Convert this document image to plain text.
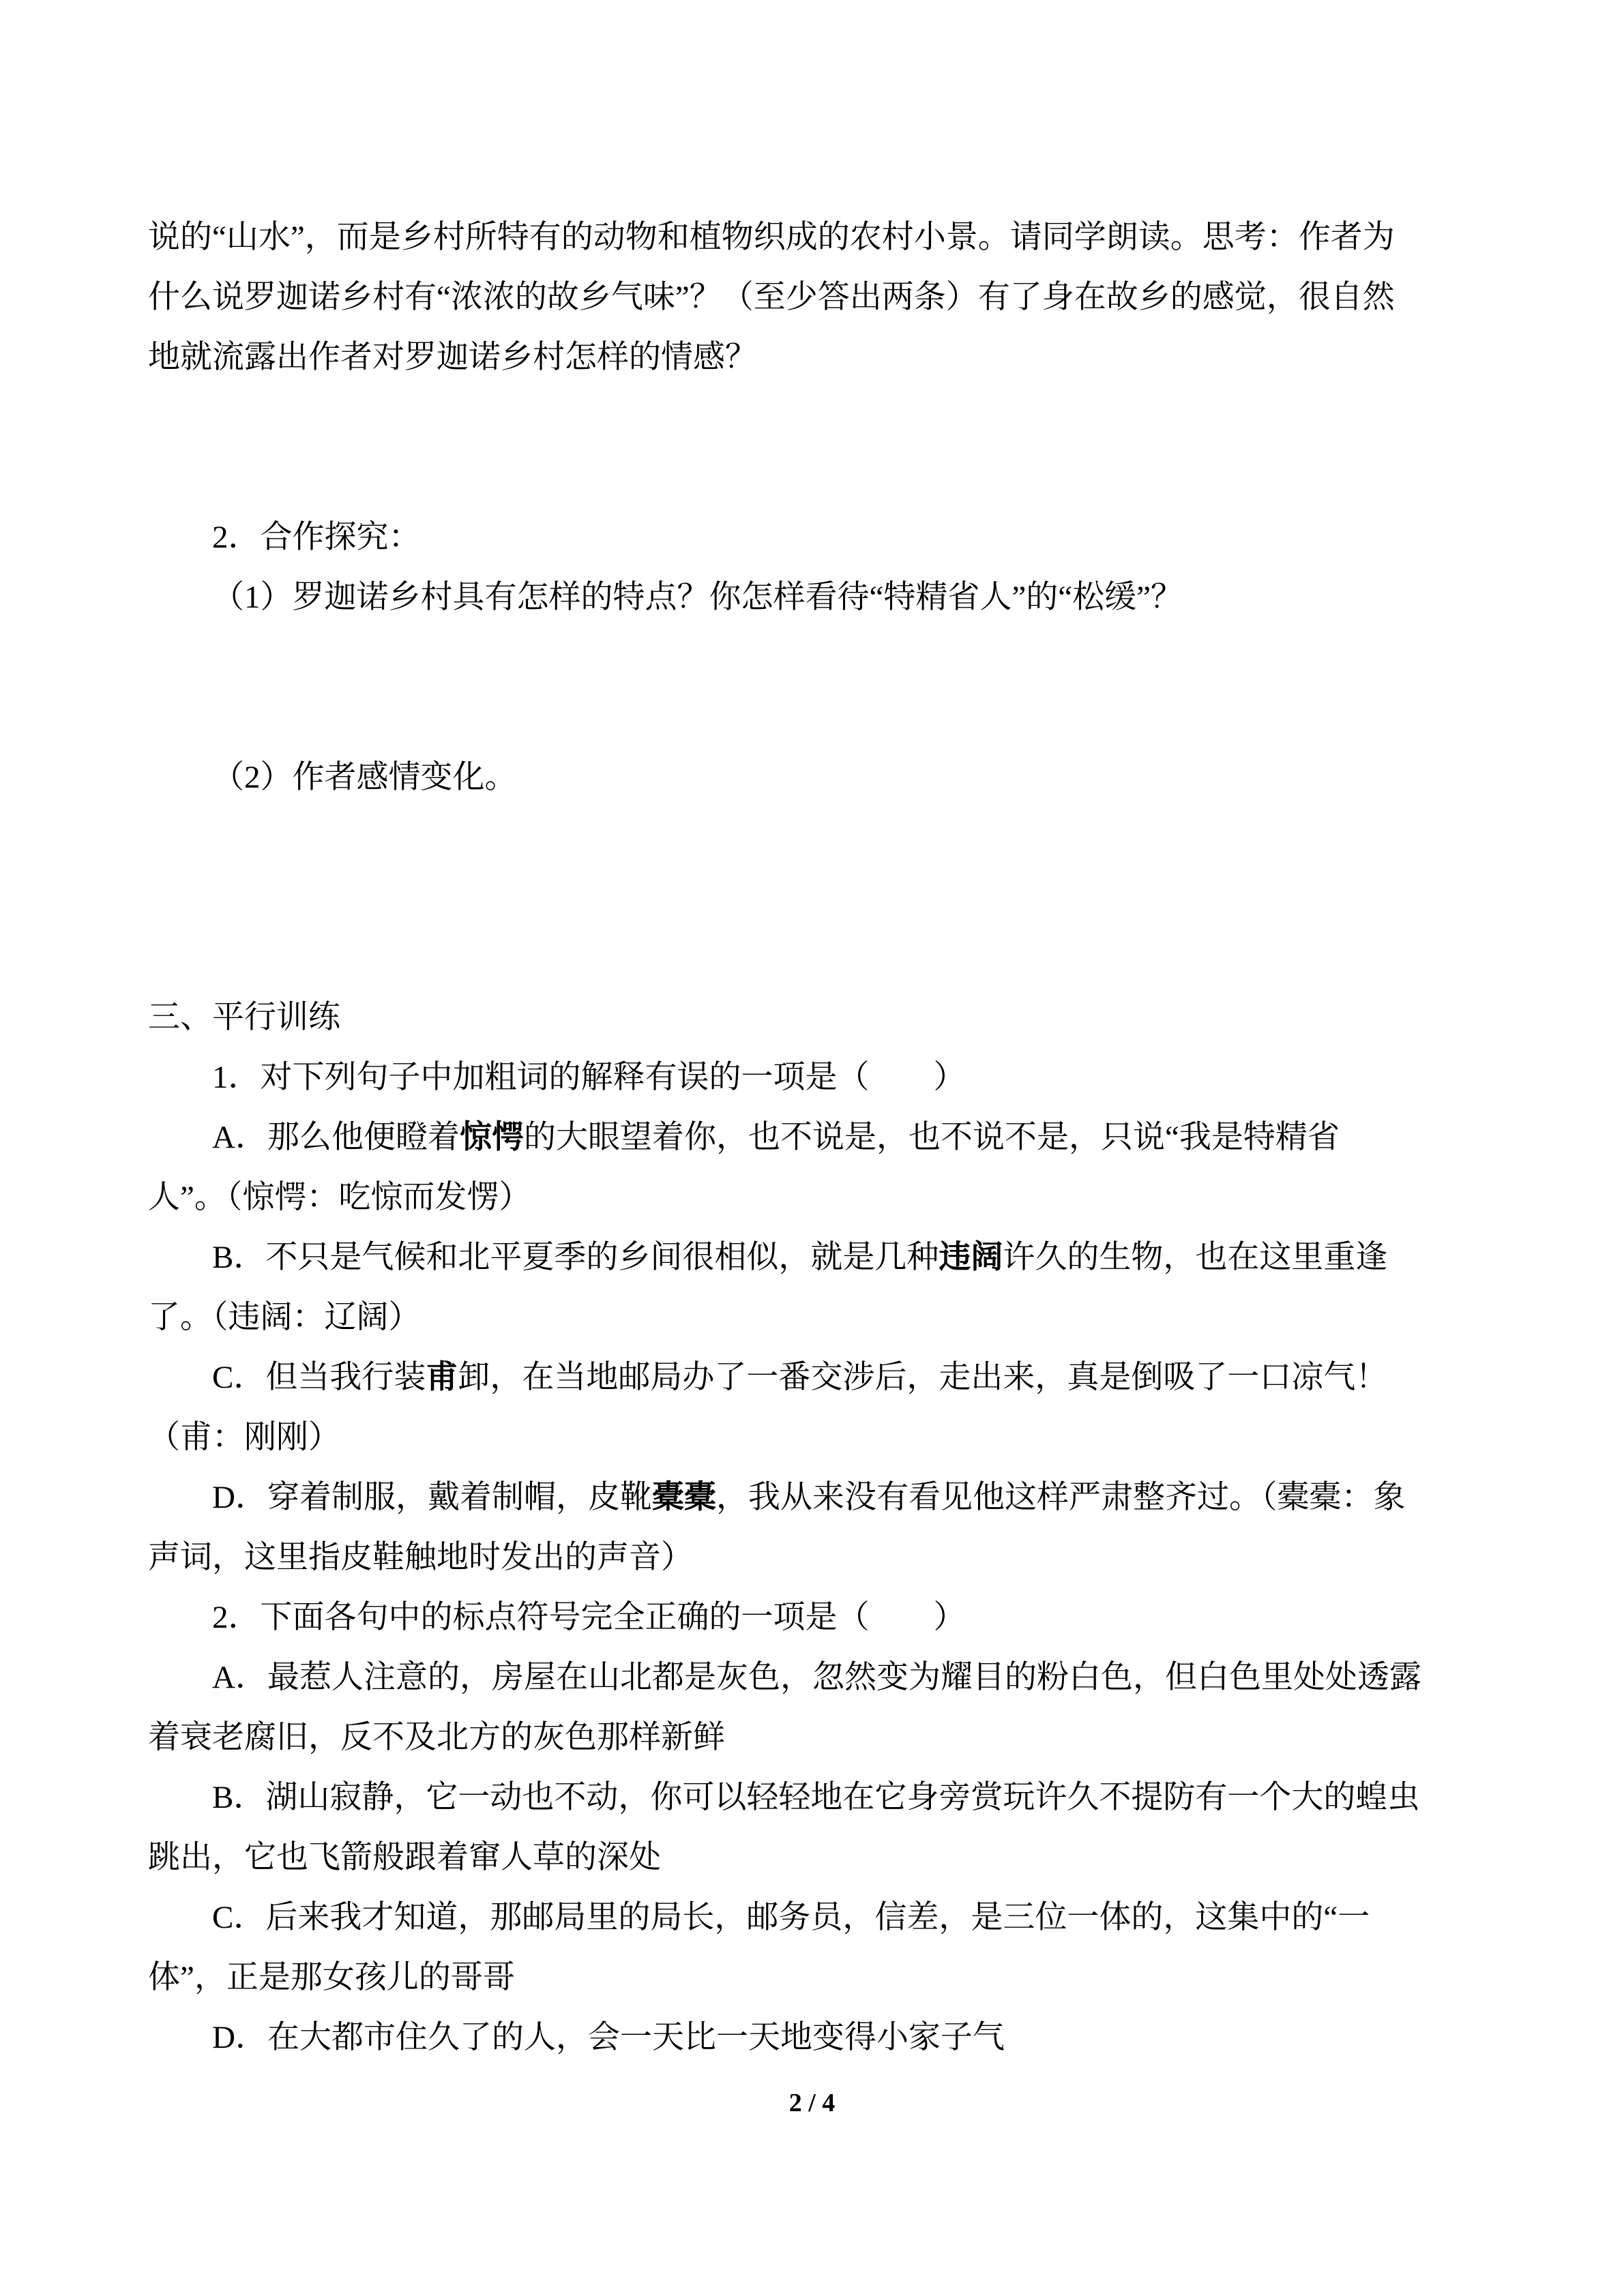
说的“山水”，而是乡村所特有的动物和植物织成的农村小景。请同学朗读。思考：作者为
什么说罗迦诺乡村有“浓浓的故乡气味”？（至少答出两条）有了身在故乡的感觉，很自然
地就流露出作者对罗迦诺乡村怎样的情感？
2．合作探究：
（1）罗迦诺乡村具有怎样的特点？你怎样看待“特精省人”的“松缓”？
（2）作者感情变化。
三、平行训练
1．对下列句子中加粗词的解释有误的一项是（　　）
A．那么他便瞪着惊愕的大眼望着你，也不说是，也不说不是，只说“我是特精省
人”。（惊愕：吃惊而发愣）
B．不只是气候和北平夏季的乡间很相似，就是几种违阔许久的生物，也在这里重逢
了。（违阔：辽阔）
C．但当我行装甫卸，在当地邮局办了一番交涉后，走出来，真是倒吸了一口凉气！
（甫：刚刚）
D．穿着制服，戴着制帽，皮靴橐橐，我从来没有看见他这样严肃整齐过。（橐橐：象
声词，这里指皮鞋触地时发出的声音）
2．下面各句中的标点符号完全正确的一项是（　　）
A．最惹人注意的，房屋在山北都是灰色，忽然变为耀目的粉白色，但白色里处处透露
着衰老腐旧，反不及北方的灰色那样新鲜
B．湖山寂静，它一动也不动，你可以轻轻地在它身旁赏玩许久不提防有一个大的蝗虫
跳出，它也飞箭般跟着窜人草的深处
C．后来我才知道，那邮局里的局长，邮务员，信差，是三位一体的，这集中的“一
体”，正是那女孩儿的哥哥
D．在大都市住久了的人，会一天比一天地变得小家子气
2 / 4
